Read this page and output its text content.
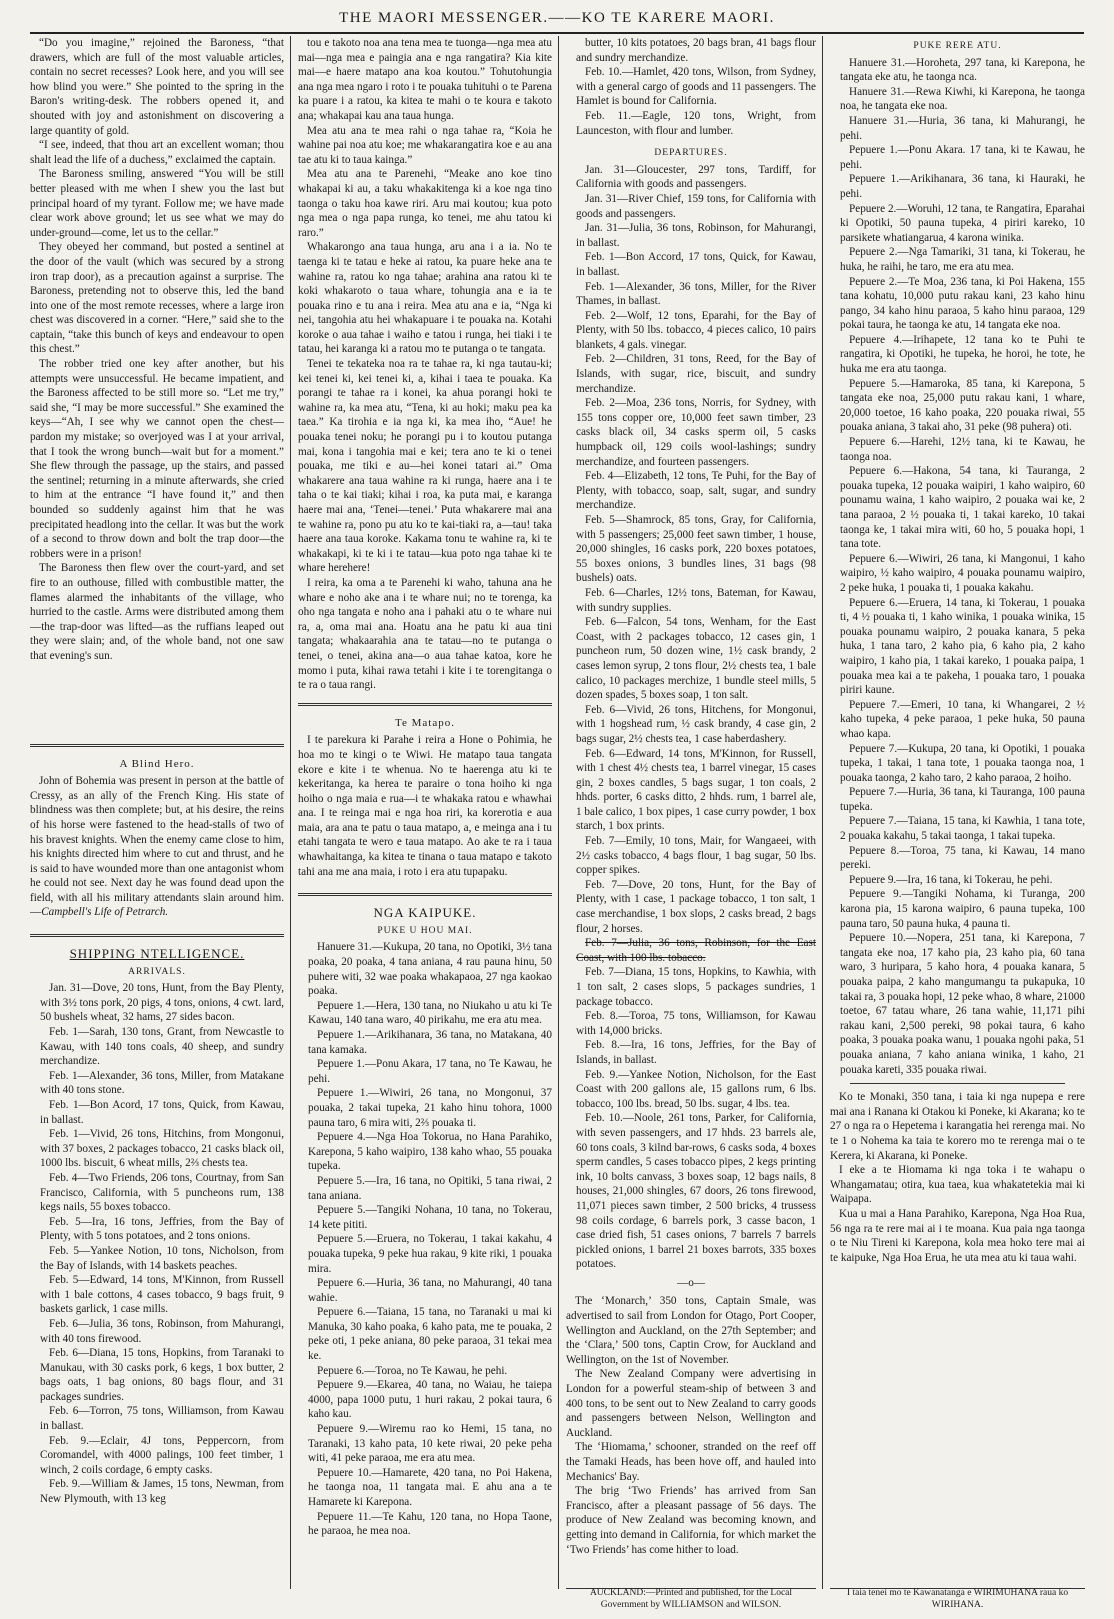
THE MAORI MESSENGER.——KO TE KARERE MAORI.

“Do you imagine,” rejoined the Baroness, “that drawers, which are full of the most valuable articles, contain no secret recesses? Look here, and you will see how blind you were.” She pointed to the spring in the Baron's writing-desk. The robbers opened it, and shouted with joy and astonishment on discovering a large quantity of gold.

“I see, indeed, that thou art an excellent woman; thou shalt lead the life of a duchess,” exclaimed the captain.

The Baroness smiling, answered “You will be still better pleased with me when I shew you the last but principal hoard of my tyrant. Follow me; we have made clear work above ground; let us see what we may do under-ground—come, let us to the cellar.”

They obeyed her command, but posted a sentinel at the door of the vault (which was secured by a strong iron trap door), as a precaution against a surprise. The Baroness, pretending not to observe this, led the band into one of the most remote recesses, where a large iron chest was discovered in a corner. “Here,” said she to the captain, “take this bunch of keys and endeavour to open this chest.”

The robber tried one key after another, but his attempts were unsuccessful. He became impatient, and the Baroness affected to be still more so. “Let me try,” said she, “I may be more successful.” She examined the keys—“Ah, I see why we cannot open the chest—pardon my mistake; so overjoyed was I at your arrival, that I took the wrong bunch—wait but for a moment.” She flew through the passage, up the stairs, and passed the sentinel; returning in a minute afterwards, she cried to him at the entrance “I have found it,” and then bounded so suddenly against him that he was precipitated headlong into the cellar. It was but the work of a second to throw down and bolt the trap door—the robbers were in a prison!

The Baroness then flew over the court-yard, and set fire to an outhouse, filled with combustible matter, the flames alarmed the inhabitants of the village, who hurried to the castle. Arms were distributed among them—the trap-door was lifted—as the ruffians leaped out they were slain; and, of the whole band, not one saw that evening's sun.

A Blind Hero.

John of Bohemia was present in person at the battle of Cressy, as an ally of the French King. His state of blindness was then complete; but, at his desire, the reins of his horse were fastened to the head-stalls of two of his bravest knights. When the enemy came close to him, his knights directed him where to cut and thrust, and he is said to have wounded more than one antagonist whom he could not see. Next day he was found dead upon the field, with all his military attendants slain around him.—Campbell's Life of Petrarch.

SHIPPING NTELLIGENCE.
ARRIVALS.

Jan. 31—Dove, 20 tons, Hunt, from the Bay Plenty, with 3½ tons pork, 20 pigs, 4 tons, onions, 4 cwt. lard, 50 bushels wheat, 32 hams, 27 sides bacon.

Feb. 1—Sarah, 130 tons, Grant, from Newcastle to Kawau, with 140 tons coals, 40 sheep, and sundry merchandize.

Feb. 1—Alexander, 36 tons, Miller, from Matakane with 40 tons stone.

Feb. 1—Bon Acord, 17 tons, Quick, from Kawau, in ballast.

Feb. 1—Vivid, 26 tons, Hitchins, from Mongonui, with 37 boxes, 2 packages tobacco, 21 casks black oil, 1000 lbs. biscuit, 6 wheat mills, 2⅔ chests tea.

Feb. 4—Two Friends, 206 tons, Courtnay, from San Francisco, California, with 5 puncheons rum, 138 kegs nails, 55 boxes tobacco.

Feb. 5—Ira, 16 tons, Jeffries, from the Bay of Plenty, with 5 tons potatoes, and 2 tons onions.

Feb. 5—Yankee Notion, 10 tons, Nicholson, from the Bay of Islands, with 14 baskets peaches.

Feb. 5—Edward, 14 tons, M'Kinnon, from Russell with 1 bale cottons, 4 cases tobacco, 9 bags fruit, 9 baskets garlick, 1 case mills.

Feb. 6—Julia, 36 tons, Robinson, from Mahurangi, with 40 tons firewood.

Feb. 6—Diana, 15 tons, Hopkins, from Taranaki to Manukau, with 30 casks pork, 6 kegs, 1 box butter, 2 bags oats, 1 bag onions, 80 bags flour, and 31 packages sundries.

Feb. 6—Torron, 75 tons, Williamson, from Kawau in ballast.

Feb. 9.—Eclair, 4J tons, Peppercorn, from Coromandel, with 4000 palings, 100 feet timber, 1 winch, 2 coils cordage, 6 empty casks.

Feb. 9.—William & James, 15 tons, Newman, from New Plymouth, with 13 keg

tou e takoto noa ana tena mea te tuonga—nga mea atu mai—nga mea e paingia ana e nga rangatira? Kia kite mai—e haere matapo ana koa koutou.” Tohutohungia ana nga mea ngaro i roto i te pouaka tuhituhi o te Parena ka puare i a ratou, ka kitea te mahi o te koura e takoto ana; whakapai kau ana taua hunga.

Mea atu ana te mea rahi o nga tahae ra, “Koia he wahine pai noa atu koe; me whakarangatira koe e au ana tae atu ki to taua kainga.”

Mea atu ana te Parenehi, “Meake ano koe tino whakapai ki au, a taku whakakitenga ki a koe nga tino taonga o taku hoa kawe riri. Aru mai koutou; kua poto nga mea o nga papa runga, ko tenei, me ahu tatou ki raro.”

Whakarongo ana taua hunga, aru ana i a ia. No te taenga ki te tatau e heke ai ratou, ka puare heke ana te wahine ra, ratou ko nga tahae; arahina ana ratou ki te koki whakaroto o taua whare, tohungia ana e ia te pouaka rino e tu ana i reira. Mea atu ana e ia, “Nga ki nei, tangohia atu hei whakapuare i te pouaka na. Kotahi koroke o aua tahae i waiho e tatou i runga, hei tiaki i te tatau, hei karanga ki a ratou mo te putanga o te tangata.

Tenei te tekateka noa ra te tahae ra, ki nga tautau-ki; kei tenei ki, kei tenei ki, a, kihai i taea te pouaka. Ka porangi te tahae ra i konei, ka ahua porangi hoki te wahine ra, ka mea atu, “Tena, ki au hoki; maku pea ka taea.” Ka tirohia e ia nga ki, ka mea iho, “Aue! he pouaka tenei noku; he porangi pu i to koutou putanga mai, kona i tangohia mai e kei; tera ano te ki o tenei pouaka, me tiki e au—hei konei tatari ai.” Oma whakarere ana taua wahine ra ki runga, haere ana i te taha o te kai tiaki; kihai i roa, ka puta mai, e karanga haere mai ana, ‘Tenei—tenei.’ Puta whakarere mai ana te wahine ra, pono pu atu ko te kai-tiaki ra, a—tau! taka haere ana taua koroke. Kakama tonu te wahine ra, ki te whakakapi, ki te ki i te tatau—kua poto nga tahae ki te whare herehere!

I reira, ka oma a te Parenehi ki waho, tahuna ana he whare e noho ake ana i te whare nui; no te torenga, ka oho nga tangata e noho ana i pahaki atu o te whare nui ra, a, oma mai ana. Hoatu ana he patu ki aua tini tangata; whakaarahia ana te tatau—no te putanga o tenei, o tenei, akina ana—o aua tahae katoa, kore he momo i puta, kihai rawa tetahi i kite i te torengitanga o te ra o taua rangi.

Te Matapo.

I te parekura ki Parahe i reira a Hone o Pohimia, he hoa mo te kingi o te Wiwi. He matapo taua tangata ekore e kite i te whenua. No te haerenga atu ki te kekeritanga, ka herea te paraire o tona hoiho ki nga hoiho o nga maia e rua—i te whakaka ratou e whawhai ana. I te reinga mai e nga hoa riri, ka korerotia e aua maia, ara ana te patu o taua matapo, a, e meinga ana i tu etahi tangata te wero e taua matapo. Ao ake te ra i taua whawhaitanga, ka kitea te tinana o taua matapo e takoto tahi ana me ana maia, i roto i era atu tupapaku.

NGA KAIPUKE.
PUKE U HOU MAI.

Hanuere 31.—Kukupa, 20 tana, no Opotiki, 3½ tana poaka, 20 poaka, 4 tana aniana, 4 rau pauna hinu, 50 puhere witi, 32 wae poaka whakapaoa, 27 nga kaokao poaka.

Pepuere 1.—Hera, 130 tana, no Niukaho u atu ki Te Kawau, 140 tana waro, 40 pirikahu, me era atu mea.

Pepuere 1.—Arikihanara, 36 tana, no Matakana, 40 tana kamaka.

Pepuere 1.—Ponu Akara, 17 tana, no Te Kawau, he pehi.

Pepuere 1.—Wiwiri, 26 tana, no Mongonui, 37 pouaka, 2 takai tupeka, 21 kaho hinu tohora, 1000 pauna taro, 6 mira witi, 2⅔ pouaka ti.

Pepuere 4.—Nga Hoa Tokorua, no Hana Parahiko, Karepona, 5 kaho waipiro, 138 kaho whao, 55 pouaka tupeka.

Pepuere 5.—Ira, 16 tana, no Opitiki, 5 tana riwai, 2 tana aniana.

Pepuere 5.—Tangiki Nohana, 10 tana, no Tokerau, 14 kete pititi.

Pepuere 5.—Eruera, no Tokerau, 1 takai kakahu, 4 pouaka tupeka, 9 peke hua rakau, 9 kite riki, 1 pouaka mira.

Pepuere 6.—Huria, 36 tana, no Mahurangi, 40 tana wahie.

Pepuere 6.—Taiana, 15 tana, no Taranaki u mai ki Manuka, 30 kaho poaka, 6 kaho pata, me te pouaka, 2 peke oti, 1 peke aniana, 80 peke paraoa, 31 tekai mea ke.

Pepuere 6.—Toroa, no Te Kawau, he pehi.

Pepuere 9.—Ekarea, 40 tana, no Waiau, he taiepa 4000, papa 1000 putu, 1 huri rakau, 2 pokai taura, 6 kaho kau.

Pepuere 9.—Wiremu rao ko Hemi, 15 tana, no Taranaki, 13 kaho pata, 10 kete riwai, 20 peke peha witi, 41 peke paraoa, me era atu mea.

Pepuere 10.—Hamarete, 420 tana, no Poi Hakena, he taonga noa, 11 tangata mai. E ahu ana a te Hamarete ki Karepona.

Pepuere 11.—Te Kahu, 120 tana, no Hopa Taone, he paraoa, he mea noa.

butter, 10 kits potatoes, 20 bags bran, 41 bags flour and sundry merchandize.

Feb. 10.—Hamlet, 420 tons, Wilson, from Sydney, with a general cargo of goods and 11 passengers. The Hamlet is bound for California.

Feb. 11.—Eagle, 120 tons, Wright, from Launceston, with flour and lumber.

DEPARTURES.

Jan. 31—Gloucester, 297 tons, Tardiff, for California with goods and passengers.

Jan. 31—River Chief, 159 tons, for California with goods and passengers.

Jan. 31—Julia, 36 tons, Robinson, for Mahurangi, in ballast.

Feb. 1—Bon Accord, 17 tons, Quick, for Kawau, in ballast.

Feb. 1—Alexander, 36 tons, Miller, for the River Thames, in ballast.

Feb. 2—Wolf, 12 tons, Eparahi, for the Bay of Plenty, with 50 lbs. tobacco, 4 pieces calico, 10 pairs blankets, 4 gals. vinegar.

Feb. 2—Children, 31 tons, Reed, for the Bay of Islands, with sugar, rice, biscuit, and sundry merchandize.

Feb. 2—Moa, 236 tons, Norris, for Sydney, with 155 tons copper ore, 10,000 feet sawn timber, 23 casks black oil, 34 casks sperm oil, 5 casks humpback oil, 129 coils wool-lashings; sundry merchandize, and fourteen passengers.

Feb. 4—Elizabeth, 12 tons, Te Puhi, for the Bay of Plenty, with tobacco, soap, salt, sugar, and sundry merchandize.

Feb. 5—Shamrock, 85 tons, Gray, for California, with 5 passengers; 25,000 feet sawn timber, 1 house, 20,000 shingles, 16 casks pork, 220 boxes potatoes, 55 boxes onions, 3 bundles lines, 31 bags (98 bushels) oats.

Feb. 6—Charles, 12½ tons, Bateman, for Kawau, with sundry supplies.

Feb. 6—Falcon, 54 tons, Wenham, for the East Coast, with 2 packages tobacco, 12 cases gin, 1 puncheon rum, 50 dozen wine, 1½ cask brandy, 2 cases lemon syrup, 2 tons flour, 2½ chests tea, 1 bale calico, 10 packages merchize, 1 bundle steel mills, 5 dozen spades, 5 boxes soap, 1 ton salt.

Feb. 6—Vivid, 26 tons, Hitchens, for Mongonui, with 1 hogshead rum, ½ cask brandy, 4 case gin, 2 bags sugar, 2½ chests tea, 1 case haberdashery.

Feb. 6—Edward, 14 tons, M'Kinnon, for Russell, with 1 chest 4½ chests tea, 1 barrel vinegar, 15 cases gin, 2 boxes candles, 5 bags sugar, 1 ton coals, 2 hhds. porter, 6 casks ditto, 2 hhds. rum, 1 barrel ale, 1 bale calico, 1 box pipes, 1 case curry powder, 1 box starch, 1 box prints.

Feb. 7—Emily, 10 tons, Mair, for Wangaeei, with 2½ casks tobacco, 4 bags flour, 1 bag sugar, 50 lbs. copper spikes.

Feb. 7—Dove, 20 tons, Hunt, for the Bay of Plenty, with 1 case, 1 package tobacco, 1 ton salt, 1 case merchandise, 1 box slops, 2 casks bread, 2 bags flour, 2 horses.

Feb. 7—Julia, 36 tons, Robinson, for the East Coast, with 100 lbs. tobacco.

Feb. 7—Diana, 15 tons, Hopkins, to Kawhia, with 1 ton salt, 2 cases slops, 5 packages sundries, 1 package tobacco.

Feb. 8.—Toroa, 75 tons, Williamson, for Kawau with 14,000 bricks.

Feb. 8.—Ira, 16 tons, Jeffries, for the Bay of Islands, in ballast.

Feb. 9.—Yankee Notion, Nicholson, for the East Coast with 200 gallons ale, 15 gallons rum, 6 lbs. tobacco, 100 lbs. bread, 50 lbs. sugar, 4 lbs. tea.

Feb. 10.—Noole, 261 tons, Parker, for California, with seven passengers, and 17 hhds. 23 barrels ale, 60 tons coals, 3 kilnd bar-rows, 6 casks soda, 4 boxes sperm candles, 5 cases tobacco pipes, 2 kegs printing ink, 10 bolts canvass, 3 boxes soap, 12 bags nails, 8 houses, 21,000 shingles, 67 doors, 26 tons firewood, 11,071 pieces sawn timber, 2 500 bricks, 4 trussess 98 coils cordage, 6 barrels pork, 3 casse bacon, 1 case dried fish, 51 cases onions, 7 barrels 7 barrels pickled onions, 1 barrel 21 boxes barrots, 335 boxes potatoes.

—o—

The ‘Monarch,’ 350 tons, Captain Smale, was advertised to sail from London for Otago, Port Cooper, Wellington and Auckland, on the 27th September; and the ‘Clara,’ 500 tons, Captin Crow, for Auckland and Wellington, on the 1st of November.

The New Zealand Company were advertising in London for a powerful steam-ship of between 3 and 400 tons, to be sent out to New Zealand to carry goods and passengers between Nelson, Wellington and Auckland.

The ‘Hiomama,’ schooner, stranded on the reef off the Tamaki Heads, has been hove off, and hauled into Mechanics' Bay.

The brig ‘Two Friends’ has arrived from San Francisco, after a pleasant passage of 56 days. The produce of New Zealand was becoming known, and getting into demand in California, for which market the ‘Two Friends’ has come hither to load.

PUKE RERE ATU.

Hanuere 31.—Horoheta, 297 tana, ki Karepona, he tangata eke atu, he taonga nca.

Hanuere 31.—Rewa Kiwhi, ki Karepona, he taonga noa, he tangata eke noa.

Hanuere 31.—Huria, 36 tana, ki Mahurangi, he pehi.

Pepuere 1.—Ponu Akara. 17 tana, ki te Kawau, he pehi.

Pepuere 1.—Arikihanara, 36 tana, ki Hauraki, he pehi.

Pepuere 2.—Woruhi, 12 tana, te Rangatira, Eparahai ki Opotiki, 50 pauna tupeka, 4 piriri kareko, 10 parsikete whatiangarua, 4 karona winika.

Pepuere 2.—Nga Tamariki, 31 tana, ki Tokerau, he huka, he raihi, he taro, me era atu mea.

Pepuere 2.—Te Moa, 236 tana, ki Poi Hakena, 155 tana kohatu, 10,000 putu rakau kani, 23 kaho hinu pango, 34 kaho hinu paraoa, 5 kaho hinu paraoa, 129 pokai taura, he taonga ke atu, 14 tangata eke noa.

Pepuere 4.—Irihapete, 12 tana ko te Puhi te rangatira, ki Opotiki, he tupeka, he horoi, he tote, he huka me era atu taonga.

Pepuere 5.—Hamaroka, 85 tana, ki Karepona, 5 tangata eke noa, 25,000 putu rakau kani, 1 whare, 20,000 toetoe, 16 kaho poaka, 220 pouaka riwai, 55 pouaka aniana, 3 takai aho, 31 peke (98 puhera) oti.

Pepuere 6.—Harehi, 12½ tana, ki te Kawau, he taonga noa.

Pepuere 6.—Hakona, 54 tana, ki Tauranga, 2 pouaka tupeka, 12 pouaka waipiri, 1 kaho waipiro, 60 pounamu waina, 1 kaho waipiro, 2 pouaka wai ke, 2 tana paraoa, 2 ½ pouaka ti, 1 takai kareko, 10 takai taonga ke, 1 takai mira witi, 60 ho, 5 pouaka hopi, 1 tana tote.

Pepuere 6.—Wiwiri, 26 tana, ki Mangonui, 1 kaho waipiro, ½ kaho waipiro, 4 pouaka pounamu waipiro, 2 peke huka, 1 pouaka ti, 1 pouaka kakahu.

Pepuere 6.—Eruera, 14 tana, ki Tokerau, 1 pouaka ti, 4 ½ pouaka ti, 1 kaho winika, 1 pouaka winika, 15 pouaka pounamu waipiro, 2 pouaka kanara, 5 peka huka, 1 tana taro, 2 kaho pia, 6 kaho pia, 2 kaho waipiro, 1 kaho pia, 1 takai kareko, 1 pouaka paipa, 1 pouaka mea kai a te pakeha, 1 pouaka taro, 1 pouaka piriri kaune.

Pepuere 7.—Emeri, 10 tana, ki Whangarei, 2 ½ kaho tupeka, 4 peke paraoa, 1 peke huka, 50 pauna whao kapa.

Pepuere 7.—Kukupa, 20 tana, ki Opotiki, 1 pouaka tupeka, 1 takai, 1 tana tote, 1 pouaka taonga noa, 1 pouaka taonga, 2 kaho taro, 2 kaho paraoa, 2 hoiho.

Pepuere 7.—Huria, 36 tana, ki Tauranga, 100 pauna tupeka.

Pepuere 7.—Taiana, 15 tana, ki Kawhia, 1 tana tote, 2 pouaka kakahu, 5 takai taonga, 1 takai tupeka.

Pepuere 8.—Toroa, 75 tana, ki Kawau, 14 mano pereki.

Pepuere 9.—Ira, 16 tana, ki Tokerau, he pehi.

Pepuere 9.—Tangiki Nohama, ki Turanga, 200 karona pia, 15 karona waipiro, 6 pauna tupeka, 100 pauna taro, 50 pauna huka, 4 pauna ti.

Pepuere 10.—Nopera, 251 tana, ki Karepona, 7 tangata eke noa, 17 kaho pia, 23 kaho pia, 60 tana waro, 3 huripara, 5 kaho hora, 4 pouaka kanara, 5 pouaka paipa, 2 kaho mangumangu ta pukapuka, 10 takai ra, 3 pouaka hopi, 12 peke whao, 8 whare, 21000 toetoe, 67 tatau whare, 26 tana wahie, 11,171 pihi rakau kani, 2,500 pereki, 98 pokai taura, 6 kaho poaka, 3 pouaka poaka wanu, 1 pouaka ngohi paka, 51 pouaka aniana, 7 kaho aniana winika, 1 kaho, 21 pouaka kareti, 335 pouaka riwai.

Ko te Monaki, 350 tana, i taia ki nga nupepa e rere mai ana i Ranana ki Otakou ki Poneke, ki Akarana; ko te 27 o nga ra o Hepetema i karangatia hei rerenga mai. No te 1 o Nohema ka taia te korero mo te rerenga mai o te Kerera, ki Akarana, ki Poneke.

I eke a te Hiomama ki nga toka i te wahapu o Whangamatau; otira, kua taea, kua whakatetekia mai ki Waipapa.

Kua u mai a Hana Parahiko, Karepona, Nga Hoa Rua, 56 nga ra te rere mai ai i te moana. Kua paia nga taonga o te Niu Tireni ki Karepona, kola mea hoko tere mai ai te kaipuke, Nga Hoa Erua, he uta mea atu ki taua wahi.

AUCKLAND:—Printed and published, for the Local Government by WILLIAMSON and WILSON.
I taia tenei mo te Kawanatanga e WIRIMUHANA raua ko WIRIHANA.
